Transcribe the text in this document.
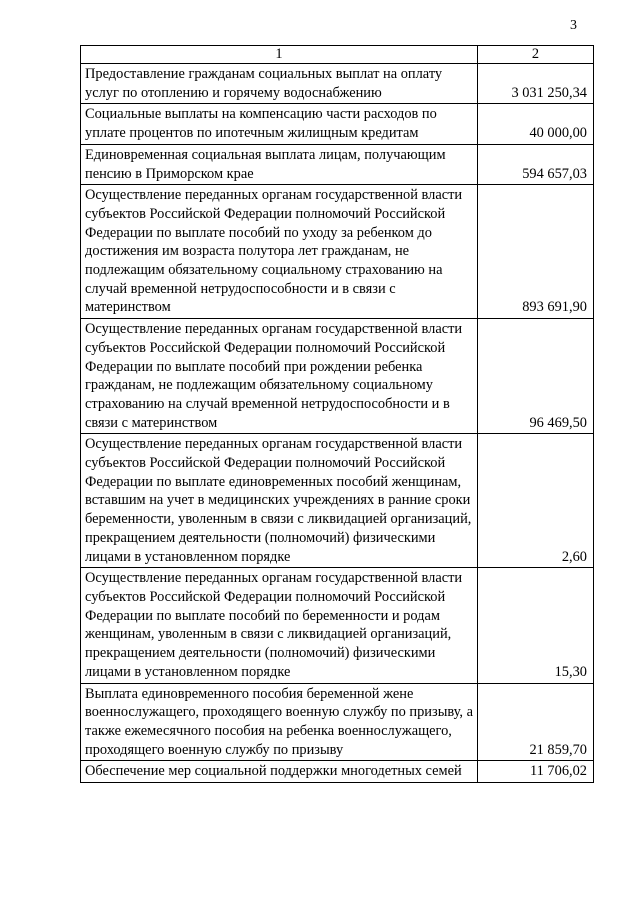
3
1	2
Предоставление гражданам социальных выплат на оплату услуг по отоплению и горячему водоснабжению	3 031 250,34
Социальные выплаты на компенсацию части расходов по уплате процентов по ипотечным жилищным кредитам	40 000,00
Единовременная социальная выплата лицам, получающим пенсию в Приморском крае	594 657,03
Осуществление переданных органам государственной власти субъектов Российской Федерации полномочий Российской Федерации по выплате пособий по уходу за ребенком до достижения им возраста полутора лет гражданам, не подлежащим обязательному социальному страхованию на случай временной нетрудоспособности и в связи с материнством	893 691,90
Осуществление переданных органам государственной власти субъектов Российской Федерации полномочий Российской Федерации по выплате пособий при рождении ребенка гражданам, не подлежащим обязательному социальному страхованию на случай временной нетрудоспособности и в связи с материнством	96 469,50
Осуществление переданных органам государственной власти субъектов Российской Федерации полномочий Российской Федерации по выплате единовременных пособий женщинам, вставшим на учет в медицинских учреждениях в ранние сроки беременности, уволенным в связи с ликвидацией организаций, прекращением деятельности (полномочий) физическими лицами в установленном порядке	2,60
Осуществление переданных органам государственной власти субъектов Российской Федерации полномочий Российской Федерации по выплате пособий по беременности и родам женщинам, уволенным в связи с ликвидацией организаций, прекращением деятельности (полномочий) физическими лицами в установленном порядке	15,30
Выплата единовременного пособия беременной жене военнослужащего, проходящего военную службу по призыву, а также ежемесячного пособия на ребенка военнослужащего, проходящего военную службу по призыву	21 859,70
Обеспечение мер социальной поддержки многодетных семей	11 706,02
